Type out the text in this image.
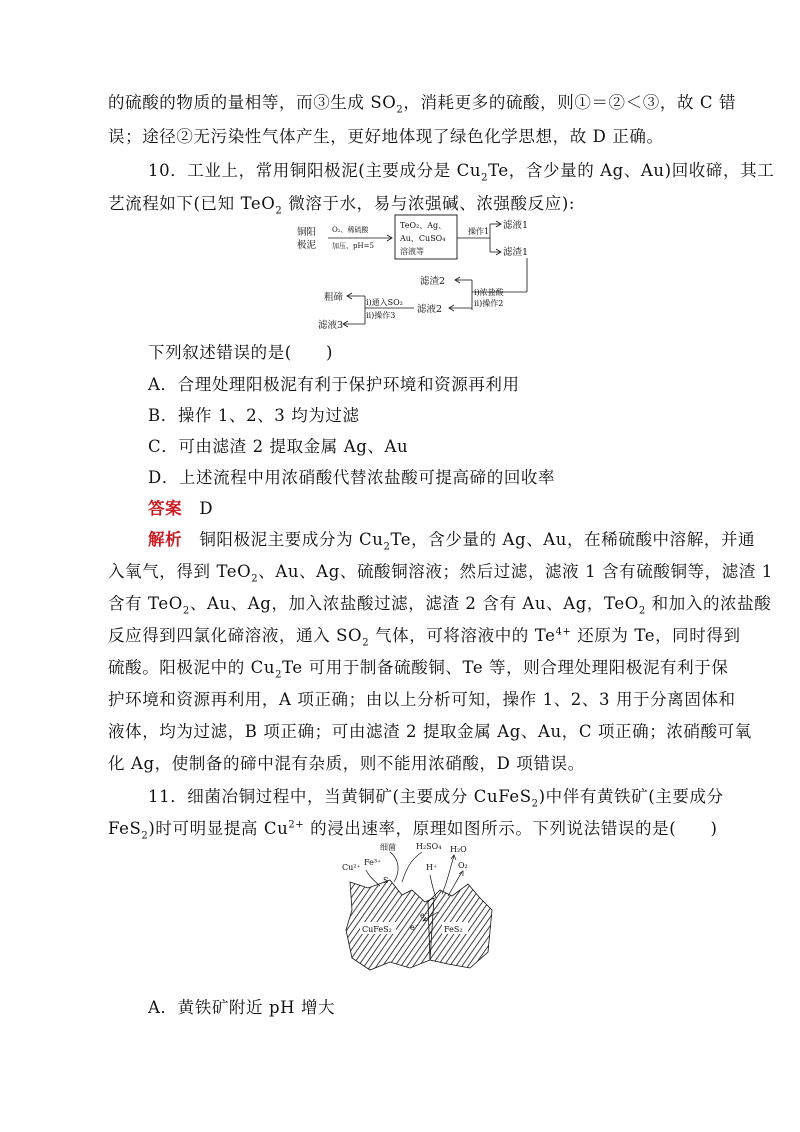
的硫酸的物质的量相等，而③生成 $SO_2$，消耗更多的硫酸，则①＝②＜③，故 C 错
误；途径②无污染性气体产生，更好地体现了绿色化学思想，故 D 正确。
10．工业上，常用铜阳极泥(主要成分是 $Cu_2Te$，含少量的 Ag、Au)回收碲，其工
艺流程如下(已知 TeO$_2$ 微溶于水，易与浓强碱、浓强酸反应):
铜阳
极泥
O₂、稀硫酸
加压、pH=5
TeO₂、Ag、
Au、CuSO₄
溶液等
操作1
滤液1
滤渣1
滤渣2
ⅰ)浓盐酸
ⅱ)操作2
滤液2
ⅰ)通入SO₂
ⅱ)操作3
粗碲
滤液3
下列叙述错误的是(　　)
A．合理处理阳极泥有利于保护环境和资源再利用
B．操作 1、2、3 均为过滤
C．可由滤渣 2 提取金属 Ag、Au
D．上述流程中用浓硝酸代替浓盐酸可提高碲的回收率
答案　 D
解析　 铜阳极泥主要成分为 $Cu_2Te$，含少量的 Ag、Au，在稀硫酸中溶解，并通
入氧气，得到 TeO$_2$、Au、Ag、硫酸铜溶液；然后过滤，滤液 1 含有硫酸铜等，滤渣 1
含有 TeO$_2$、Au、Ag，加入浓盐酸过滤，滤渣 2 含有 Au、Ag，TeO$_2$ 和加入的浓盐酸
反应得到四氯化碲溶液，通入 $SO_2$ 气体，可将溶液中的 $Te^{4+}$ 还原为 Te，同时得到
硫酸。阳极泥中的 $Cu_2Te$ 可用于制备硫酸铜、Te 等，则合理处理阳极泥有利于保
护环境和资源再利用，A 项正确；由以上分析可知，操作 1、2、3 用于分离固体和
液体，均为过滤，B 项正确；可由滤渣 2 提取金属 Ag、Au，C 项正确；浓硝酸可氧
化 Ag，使制备的碲中混有杂质，则不能用浓硝酸，D 项错误。
11．细菌冶铜过程中，当黄铜矿(主要成分 CuFeS$_2$)中伴有黄铁矿(主要成分
FeS$_2$)时可明显提高 $Cu^{2+}$ 的浸出速率，原理如图所示。下列说法错误的是(　　)
细菌	H₂SO₄
Cu²⁺
Fe³⁺
S
H⁺
H₂O
O₂
e⁻
e⁻
CuFeS₂	FeS₂
A．黄铁矿附近 pH 增大
